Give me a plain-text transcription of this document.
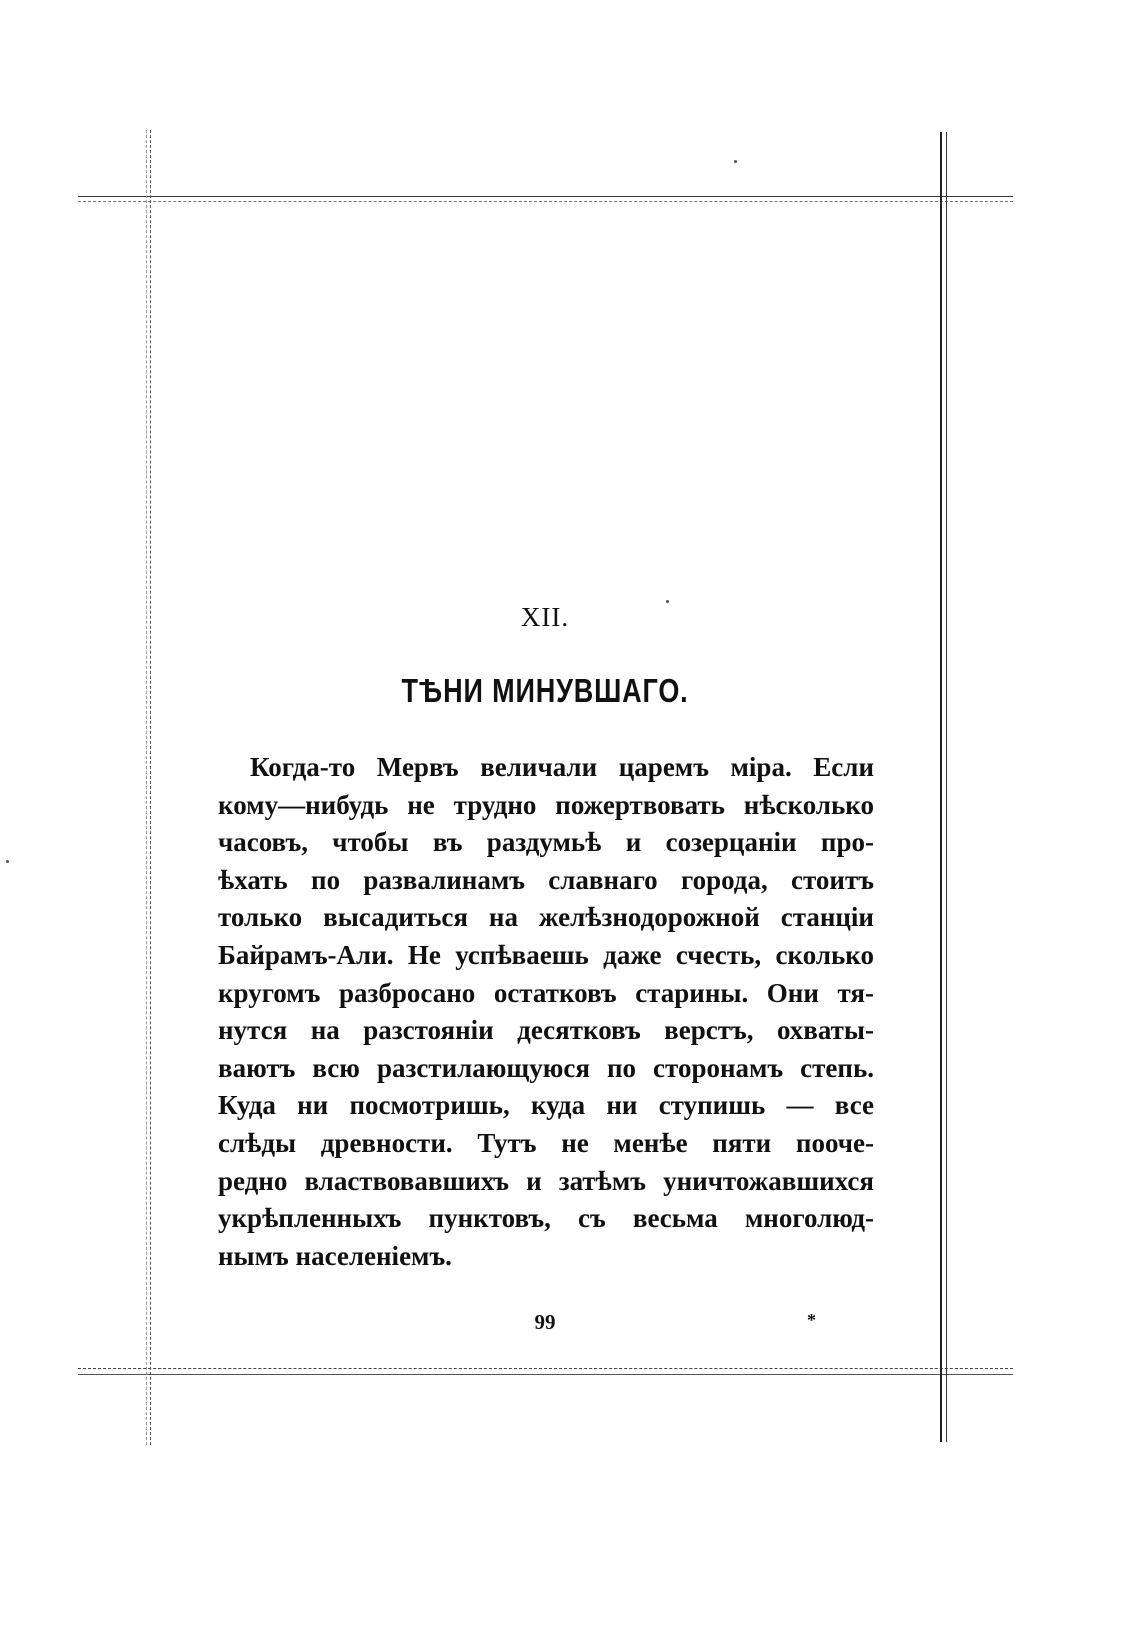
XII.
ТѢНИ МИНУВШАГО.
Когда-то Мервъ величали царемъ міра. Если
кому—нибудь не трудно пожертвовать нѣсколько
часовъ, чтобы въ раздумьѣ и созерцаніи про-
ѣхать по развалинамъ славнаго города, стоитъ
только высадиться на желѣзнодорожной станціи
Байрамъ-Али. Не успѣваешь даже счесть, сколько
кругомъ разбросано остатковъ старины. Они тя-
нутся на разстояніи десятковъ верстъ, охваты-
ваютъ всю разстилающуюся по сторонамъ степь.
Куда ни посмотришь, куда ни ступишь — все
слѣды древности. Тутъ не менѣе пяти пооче-
редно властвовавшихъ и затѣмъ уничтожавшихся
укрѣпленныхъ пунктовъ, съ весьма многолюд-
нымъ населеніемъ.
99	*
